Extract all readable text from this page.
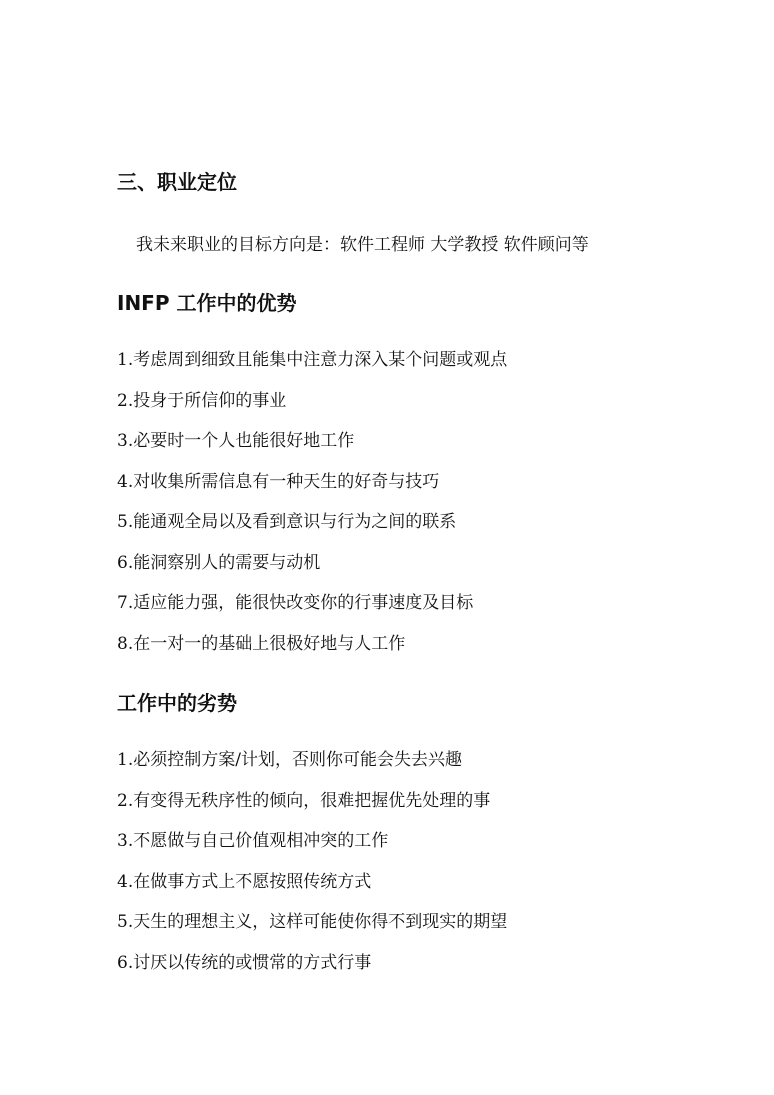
三、职业定位

我未来职业的目标方向是：软件工程师 大学教授 软件顾问等

INFP 工作中的优势
1.考虑周到细致且能集中注意力深入某个问题或观点
2.投身于所信仰的事业
3.必要时一个人也能很好地工作
4.对收集所需信息有一种天生的好奇与技巧
5.能通观全局以及看到意识与行为之间的联系
6.能洞察别人的需要与动机
7.适应能力强，能很快改变你的行事速度及目标
8.在一对一的基础上很极好地与人工作
工作中的劣势
1.必须控制方案/计划，否则你可能会失去兴趣
2.有变得无秩序性的倾向，很难把握优先处理的事
3.不愿做与自己价值观相冲突的工作
4.在做事方式上不愿按照传统方式
5.天生的理想主义，这样可能使你得不到现实的期望
6.讨厌以传统的或惯常的方式行事
